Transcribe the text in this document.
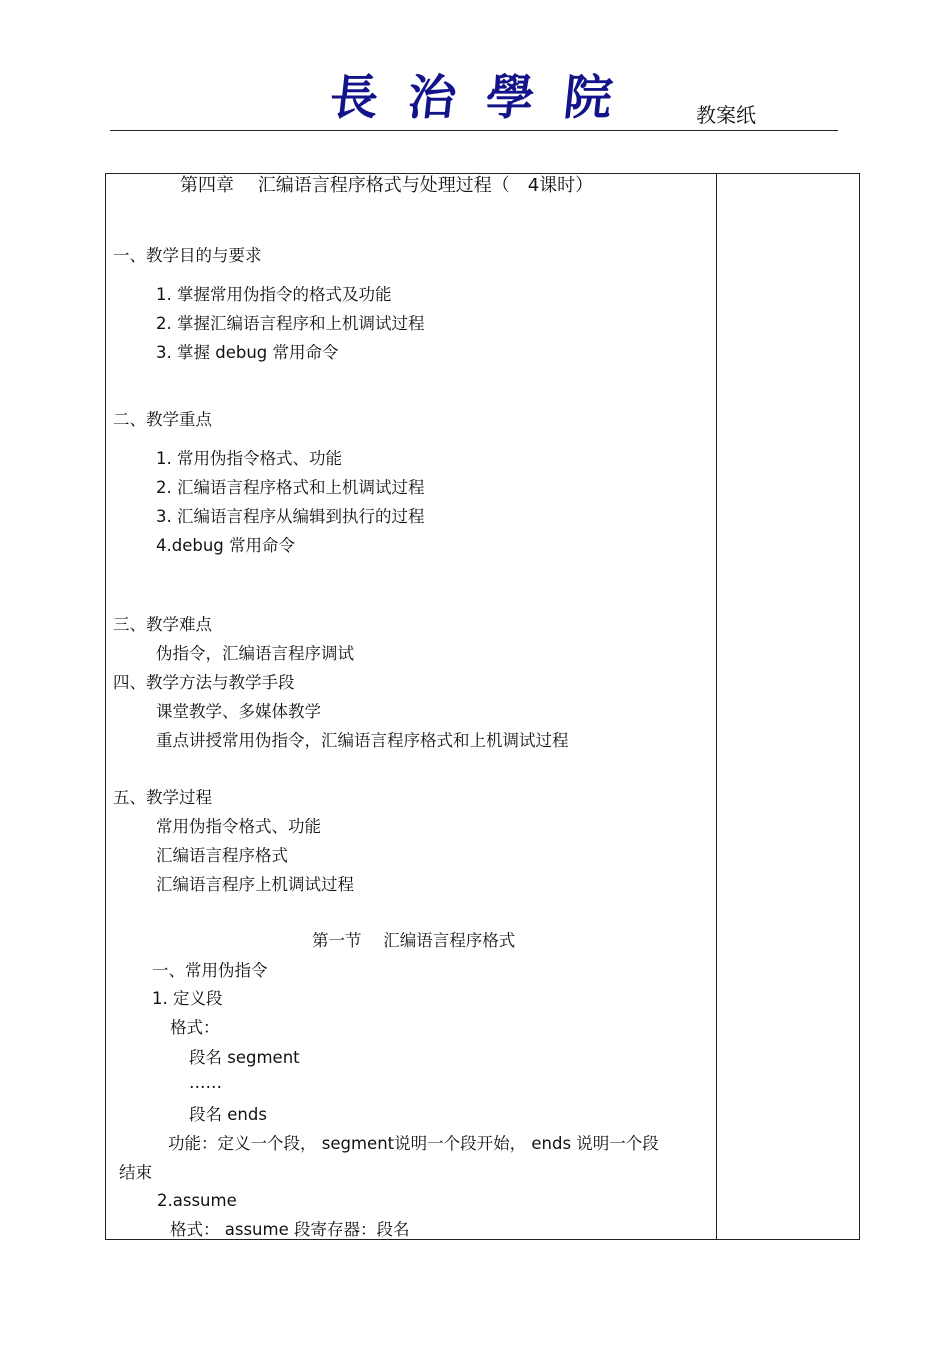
長治學院	教案纸
第四章　 汇编语言程序格式与处理过程（　4课时）
一、教学目的与要求
1. 掌握常用伪指令的格式及功能
2. 掌握汇编语言程序和上机调试过程
3. 掌握 debug 常用命令
二、教学重点
1. 常用伪指令格式、功能
2. 汇编语言程序格式和上机调试过程
3. 汇编语言程序从编辑到执行的过程
4.debug 常用命令
三、教学难点
伪指令，汇编语言程序调试
四、教学方法与教学手段
课堂教学、多媒体教学
重点讲授常用伪指令，汇编语言程序格式和上机调试过程
五、教学过程
常用伪指令格式、功能
汇编语言程序格式
汇编语言程序上机调试过程
第一节　 汇编语言程序格式
一、常用伪指令
1. 定义段
格式：
段名 segment
……
段名 ends
功能：定义一个段， segment说明一个段开始， ends 说明一个段
结束
2.assume
格式： assume 段寄存器：段名
